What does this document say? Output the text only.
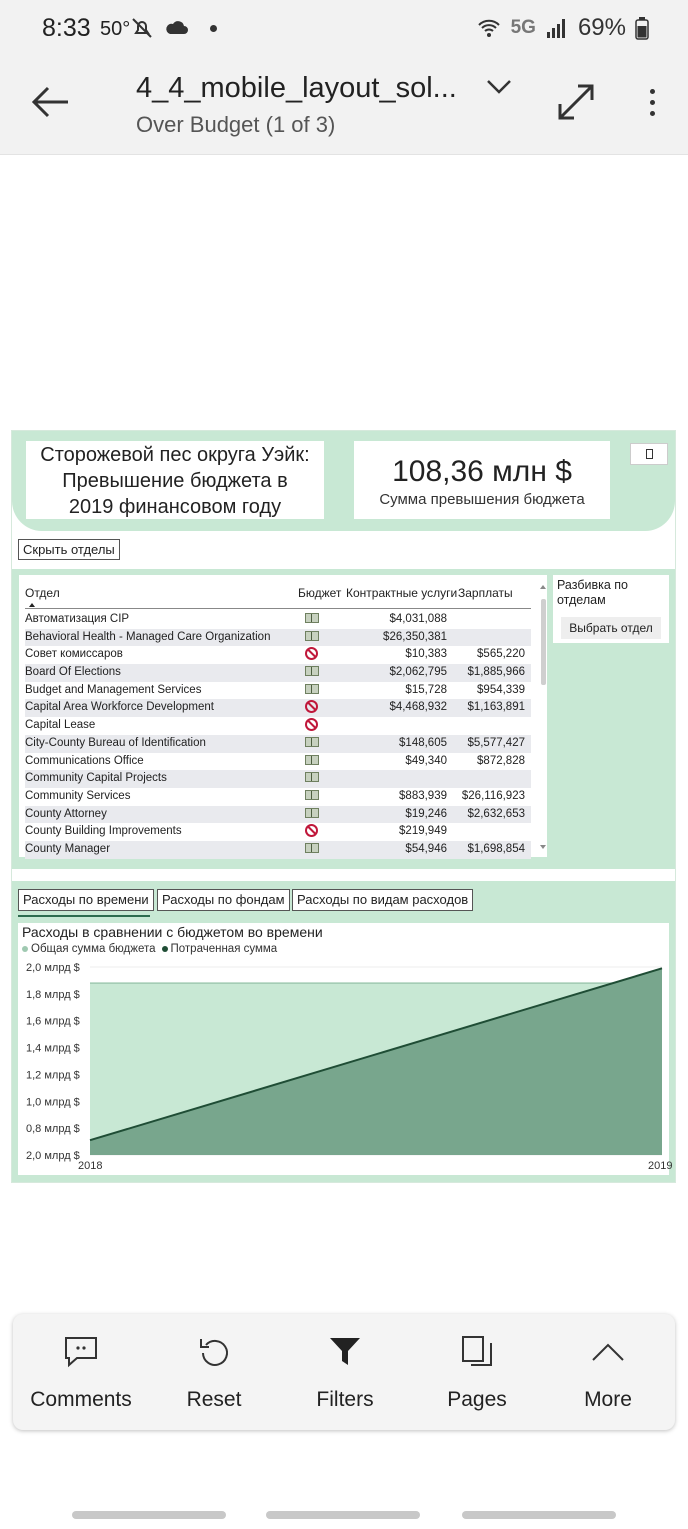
8:33 50°	5G 69%
4_4_mobile_layout_sol...
Over Budget (1 of 3)
Сторожевой пес округа Уэйк:
Превышение бюджета в
2019 финансовом году
108,36 млн $
Сумма превышения бюджета
Скрыть отделы
Отдел	Бюджет Контрактные услуги Зарплаты
Автоматизация CIP	$4,031,088
Behavioral Health - Managed Care Organization	$26,350,381
Совет комиссаров	$10,383	$565,220
Board Of Elections	$2,062,795 $1,885,966
Budget and Management Services	$15,728	$954,339
Capital Area Workforce Development	$4,468,932 $1,163,891
Capital Lease
City-County Bureau of Identification	$148,605 $5,577,427
Communications Office	$49,340	$872,828
Community Capital Projects
Community Services	$883,939 $26,116,923
County Attorney	$19,246 $2,632,653
County Building Improvements	$219,949
County Manager	$54,946 $1,698,854
Разбивка по отделам
Выбрать отдел
Расходы по времени	Расходы по фондам Расходы по видам расходов
Расходы в сравнении с бюджетом во времени
Общая сумма бюджета Потраченная сумма
2,0 млрд $
1,8 млрд $
1,6 млрд $
1,4 млрд $
1,2 млрд $
1,0 млрд $
0,8 млрд $
2,0 млрд $
2018	2019
Comments	Reset	Filters	Pages	More
